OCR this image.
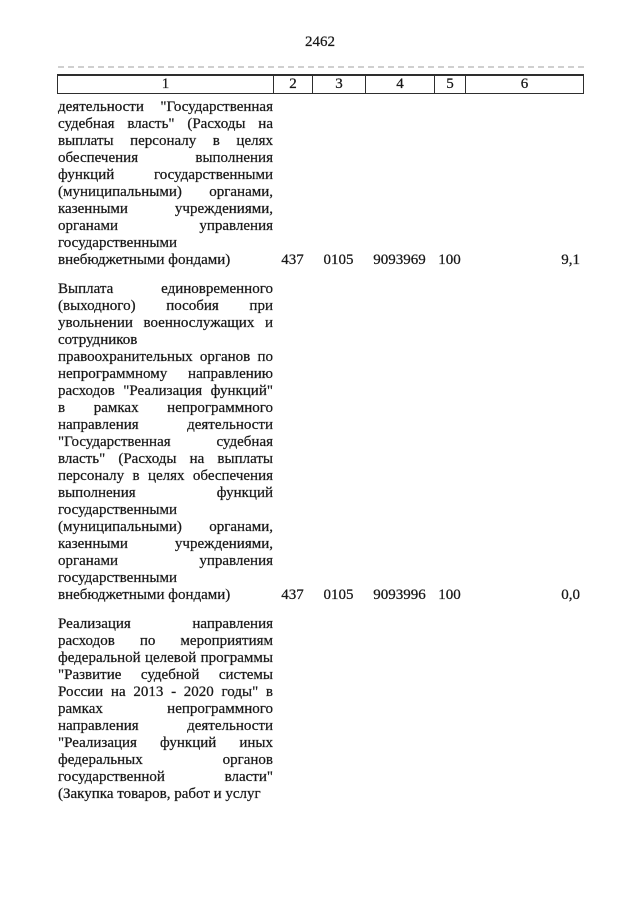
2462
1	2	3	4	5	6
деятельности "Государственная
судебная власть" (Расходы на
выплаты персоналу в целях
обеспечения выполнения
функций государственными
(муниципальными) органами,
казенными учреждениями,
органами управления
государственными
внебюджетными фондами)	437	0105	9093969 100	9,1
Выплата единовременного
(выходного) пособия при
увольнении военнослужащих и
сотрудников
правоохранительных органов по
непрограммному направлению
расходов "Реализация функций"
в рамках непрограммного
направления деятельности
"Государственная судебная
власть" (Расходы на выплаты
персоналу в целях обеспечения
выполнения функций
государственными
(муниципальными) органами,
казенными учреждениями,
органами управления
государственными
внебюджетными фондами)	437	0105	9093996 100	0,0
Реализация направления
расходов по мероприятиям
федеральной целевой программы
"Развитие судебной системы
России на 2013 - 2020 годы" в
рамках непрограммного
направления деятельности
"Реализация функций иных
федеральных органов
государственной власти"
(Закупка товаров, работ и услуг
